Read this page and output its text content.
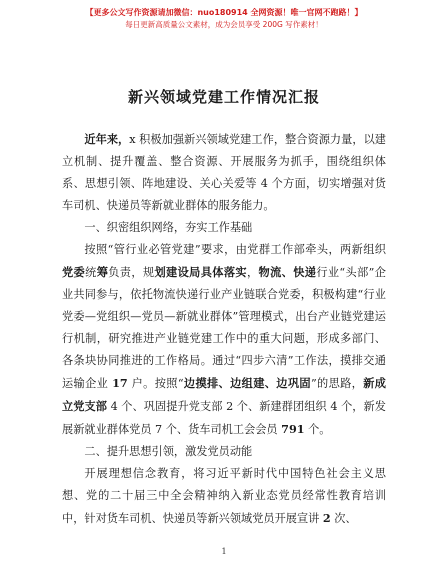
【更多公文写作资源请加微信：nuo180914 全网资源！唯一官网不跑路！】
每日更新高质量公文素材，成为会员享受 200G 写作素材！
新兴领域党建工作情况汇报

近年来，x 积极加强新兴领域党建工作，整合资源力量，以建立机制、提升覆盖、整合资源、开展服务为抓手，围绕组织体系、思想引领、阵地建设、关心关爱等 4 个方面，切实增强对货车司机、快递员等新就业群体的服务能力。

一、织密组织网络，夯实工作基础

按照“管行业必管党建”要求，由党群工作部牵头，两新组织党委统筹负责，规划建设局具体落实，物流、快递行业“头部”企业共同参与，依托物流快递行业产业链联合党委，积极构建“行业党委—党组织—党员—新就业群体”管理模式，出台产业链党建运行机制，研究推进产业链党建工作中的重大问题，形成多部门、各条块协同推进的工作格局。通过“四步六清”工作法，摸排交通运输企业 17 户。按照“边摸排、边组建、边巩固”的思路，新成立党支部 4 个、巩固提升党支部 2 个、新建群团组织 4 个，新发展新就业群体党员 7 个、货车司机工会会员 791 个。

二、提升思想引领，激发党员动能

开展理想信念教育，将习近平新时代中国特色社会主义思想、党的二十届三中全会精神纳入新业态党员经常性教育培训中，针对货车司机、快递员等新兴领域党员开展宣讲 2 次、

1
